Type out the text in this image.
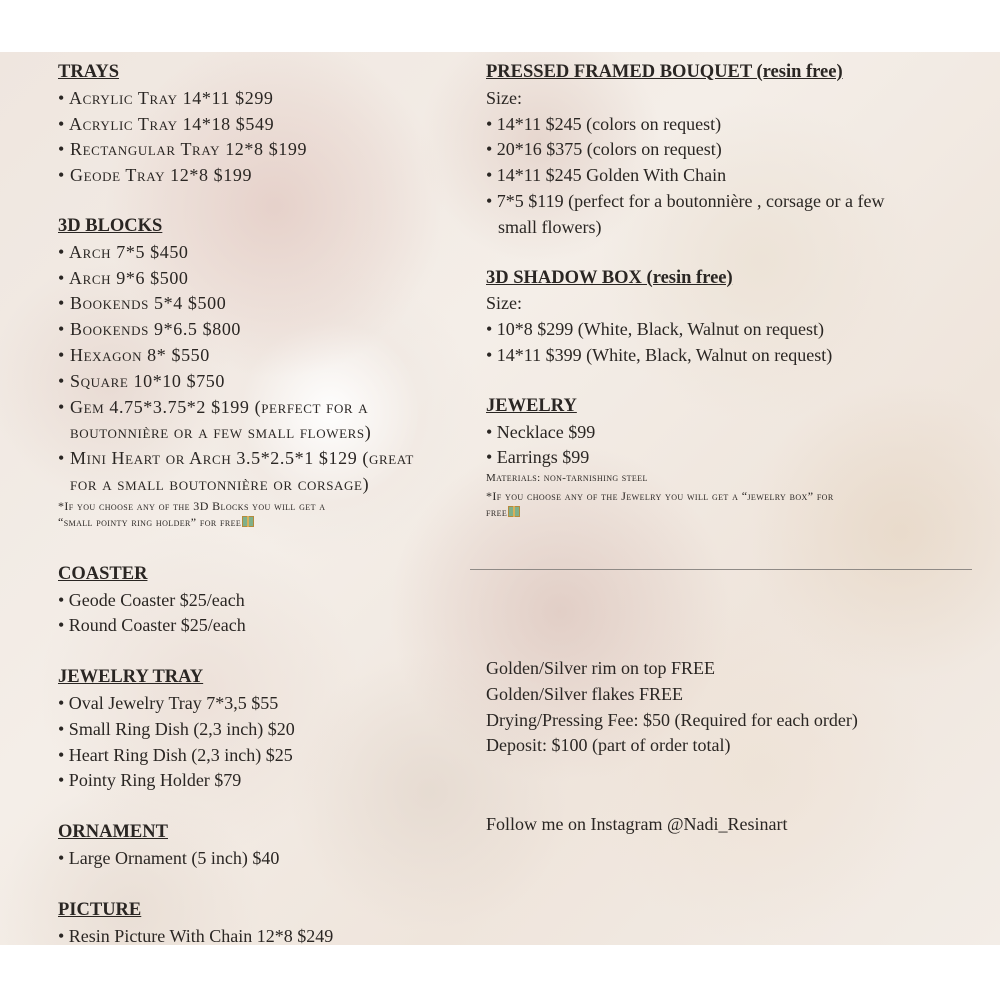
TRAYS
• Acrylic Tray 14*11 $299
• Acrylic Tray 14*18 $549
• Rectangular Tray 12*8 $199
• Geode Tray 12*8 $199
3D BLOCKS
• Arch 7*5 $450
• Arch 9*6 $500
• Bookends 5*4 $500
• Bookends 9*6.5 $800
• Hexagon 8* $550
• Square 10*10 $750
• Gem 4.75*3.75*2 $199 (perfect for a
boutonnière or a few small flowers)
• Mini Heart or Arch 3.5*2.5*1 $129 (great
for a small boutonnière or corsage)
*If you choose any of the 3D Blocks you will get a
“small pointy ring holder” for free
COASTER
• Geode Coaster $25/each
• Round Coaster $25/each
JEWELRY TRAY
• Oval Jewelry Tray 7*3,5 $55
• Small Ring Dish (2,3 inch) $20
• Heart Ring Dish (2,3 inch) $25
• Pointy Ring Holder $79
ORNAMENT
• Large Ornament (5 inch) $40
PICTURE
• Resin Picture With Chain 12*8 $249
PRESSED FRAMED BOUQUET (resin free)
Size:
• 14*11 $245 (colors on request)
• 20*16 $375 (colors on request)
• 14*11 $245 Golden With Chain
• 7*5 $119 (perfect for a boutonnière , corsage or a few
small flowers)
3D SHADOW BOX (resin free)
Size:
• 10*8 $299 (White, Black, Walnut on request)
• 14*11 $399 (White, Black, Walnut on request)
JEWELRY
• Necklace $99
• Earrings $99
Materials: non-tarnishing steel
*If you choose any of the Jewelry you will get a “jewelry box” for
free
Golden/Silver rim on top FREE
Golden/Silver flakes FREE
Drying/Pressing Fee: $50 (Required for each order)
Deposit: $100 (part of order total)
Follow me on Instagram @Nadi_Resinart
